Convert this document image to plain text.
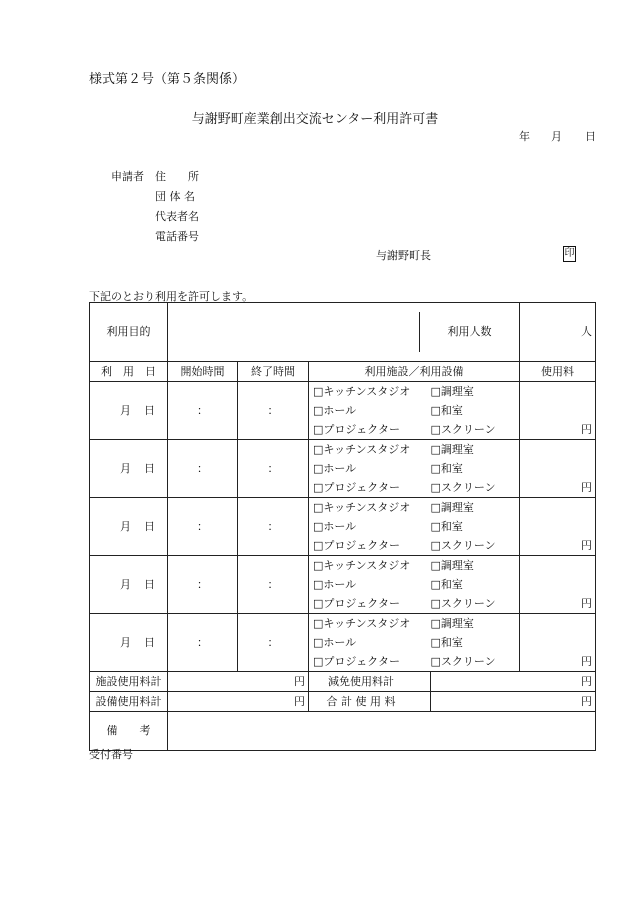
様式第２号（第５条関係）
与謝野町産業創出交流センター利用許可書
年 月 日
申請者 住　　所
団 体 名
代表者名
電話番号
与謝野町長	印
下記のとおり利用を許可します。
利用目的	利用人数				人
利　用　日	開始時間	終了時間	利用施設／利用設備		使用料

月 日	：	：	□キッチンスタジオ	□調理室	円
			□ホール	□和室	
			□プロジェクター	□スクリーン	

月 日	：	：	□キッチンスタジオ	□調理室	円
			□ホール	□和室	
			□プロジェクター	□スクリーン	

月 日	：	：	□キッチンスタジオ	□調理室	円
			□ホール	□和室	
			□プロジェクター	□スクリーン	

月 日	：	：	□キッチンスタジオ	□調理室	円
			□ホール	□和室	
			□プロジェクター	□スクリーン	

月 日	：	：	□キッチンスタジオ	□調理室	円
			□ホール	□和室	
			□プロジェクター	□スクリーン	
施設使用料計	円		減免使用料計	円	
設備使用料計	円		合 計 使 用 料	円	
備　　考					
受付番号
